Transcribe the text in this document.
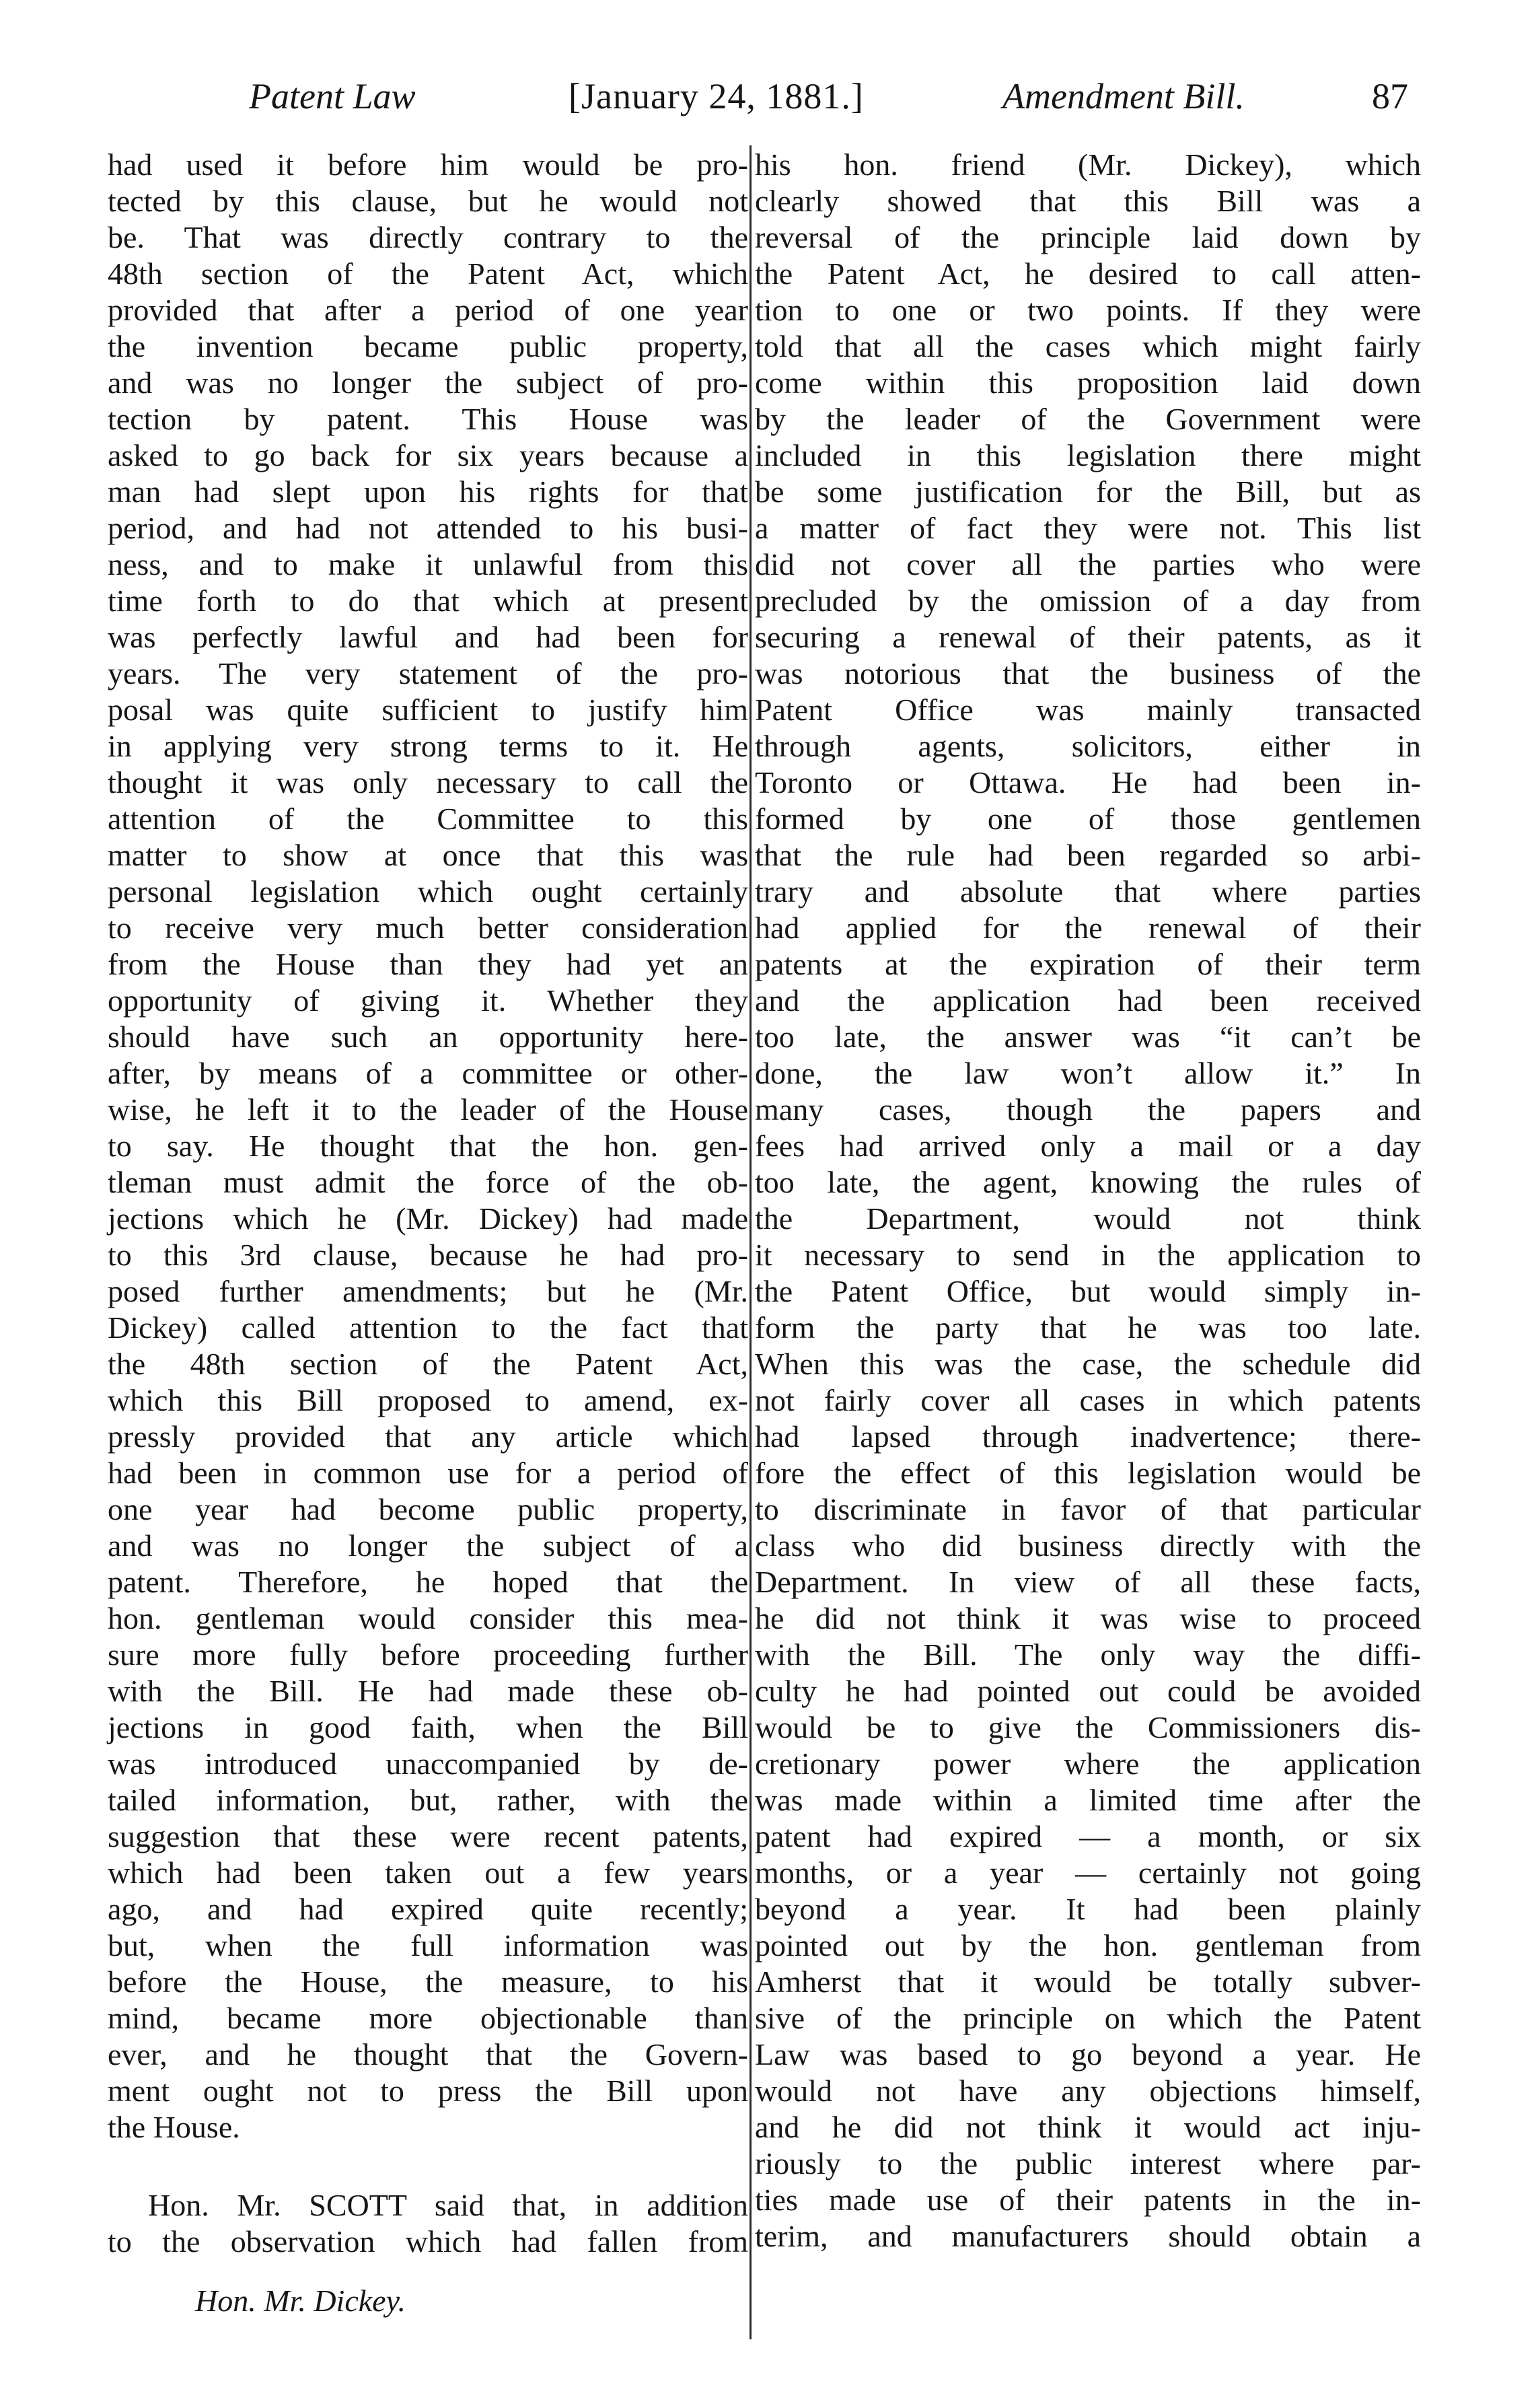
Patent Law	[January 24, 1881.]	Amendment Bill.	87
had used it before him would be pro-
tected by this clause, but he would not
be. That was directly contrary to the
48th section of the Patent Act, which
provided that after a period of one year
the invention became public property,
and was no longer the subject of pro-
tection by patent. This House was
asked to go back for six years because a
man had slept upon his rights for that
period, and had not attended to his busi-
ness, and to make it unlawful from this
time forth to do that which at present
was perfectly lawful and had been for
years. The very statement of the pro-
posal was quite sufficient to justify him
in applying very strong terms to it. He
thought it was only necessary to call the
attention of the Committee to this
matter to show at once that this was
personal legislation which ought certainly
to receive very much better consideration
from the House than they had yet an
opportunity of giving it. Whether they
should have such an opportunity here-
after, by means of a committee or other-
wise, he left it to the leader of the House
to say. He thought that the hon. gen-
tleman must admit the force of the ob-
jections which he (Mr. Dickey) had made
to this 3rd clause, because he had pro-
posed further amendments; but he (Mr.
Dickey) called attention to the fact that
the 48th section of the Patent Act,
which this Bill proposed to amend, ex-
pressly provided that any article which
had been in common use for a period of
one year had become public property,
and was no longer the subject of a
patent. Therefore, he hoped that the
hon. gentleman would consider this mea-
sure more fully before proceeding further
with the Bill. He had made these ob-
jections in good faith, when the Bill
was introduced unaccompanied by de-
tailed information, but, rather, with the
suggestion that these were recent patents,
which had been taken out a few years
ago, and had expired quite recently;
but, when the full information was
before the House, the measure, to his
mind, became more objectionable than
ever, and he thought that the Govern-
ment ought not to press the Bill upon
the House.
Hon. Mr. SCOTT said that, in addition
to the observation which had fallen from
his hon. friend (Mr. Dickey), which
clearly showed that this Bill was a
reversal of the principle laid down by
the Patent Act, he desired to call atten-
tion to one or two points. If they were
told that all the cases which might fairly
come within this proposition laid down
by the leader of the Government were
included in this legislation there might
be some justification for the Bill, but as
a matter of fact they were not. This list
did not cover all the parties who were
precluded by the omission of a day from
securing a renewal of their patents, as it
was notorious that the business of the
Patent Office was mainly transacted
through agents, solicitors, either in
Toronto or Ottawa. He had been in-
formed by one of those gentlemen
that the rule had been regarded so arbi-
trary and absolute that where parties
had applied for the renewal of their
patents at the expiration of their term
and the application had been received
too late, the answer was “it can’t be
done, the law won’t allow it.” In
many cases, though the papers and
fees had arrived only a mail or a day
too late, the agent, knowing the rules of
the Department, would not think
it necessary to send in the application to
the Patent Office, but would simply in-
form the party that he was too late.
When this was the case, the schedule did
not fairly cover all cases in which patents
had lapsed through inadvertence; there-
fore the effect of this legislation would be
to discriminate in favor of that particular
class who did business directly with the
Department. In view of all these facts,
he did not think it was wise to proceed
with the Bill. The only way the diffi-
culty he had pointed out could be avoided
would be to give the Commissioners dis-
cretionary power where the application
was made within a limited time after the
patent had expired — a month, or six
months, or a year — certainly not going
beyond a year. It had been plainly
pointed out by the hon. gentleman from
Amherst that it would be totally subver-
sive of the principle on which the Patent
Law was based to go beyond a year. He
would not have any objections himself,
and he did not think it would act inju-
riously to the public interest where par-
ties made use of their patents in the in-
terim, and manufacturers should obtain a
Hon. Mr. Dickey.
